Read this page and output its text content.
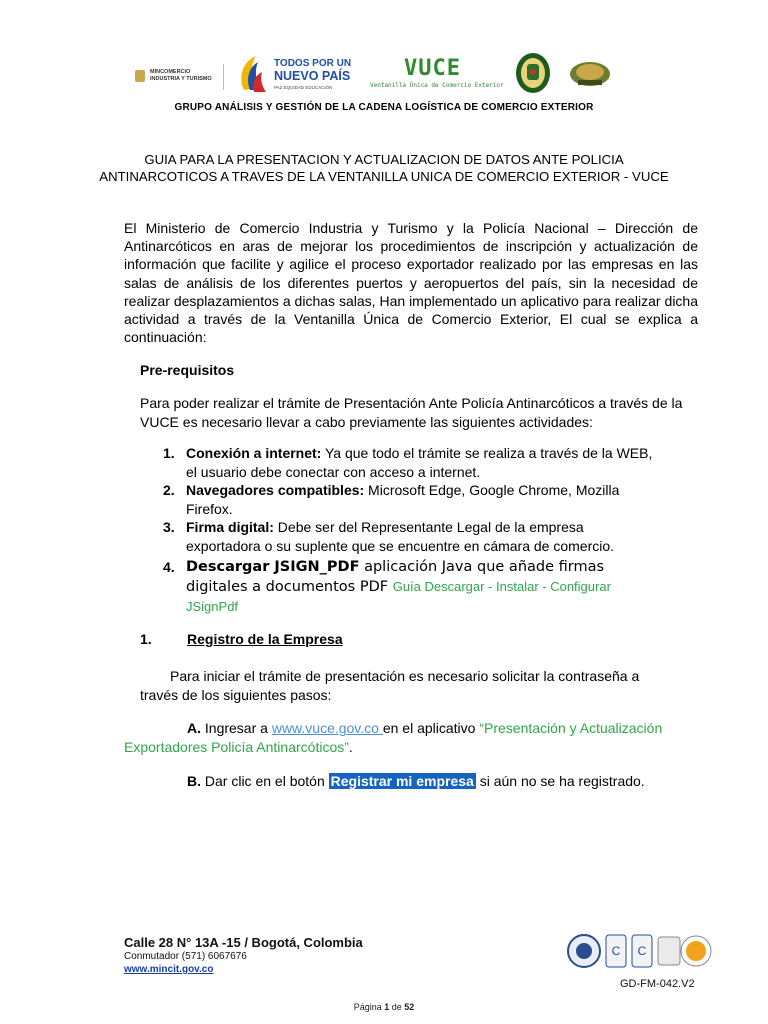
MINCOMERCIO
INDUSTRIA Y TURISMO
TODOS POR UN
NUEVO PAÍS
PAZ EQUIDAD EDUCACIÓN
VUCE
Ventanilla Única de Comercio Exterior
GRUPO ANÁLISIS Y GESTIÓN DE LA CADENA LOGÍSTICA DE COMERCIO EXTERIOR
GUIA PARA LA PRESENTACION Y ACTUALIZACION DE DATOS ANTE POLICIA
ANTINARCOTICOS A TRAVES DE LA VENTANILLA UNICA DE COMERCIO EXTERIOR - VUCE
El Ministerio de Comercio Industria y Turismo y la Policía Nacional – Dirección de Antinarcóticos en aras de mejorar los procedimientos de inscripción y actualización de información que facilite y agilice el proceso exportador realizado por las empresas en las salas de análisis de los diferentes puertos y aeropuertos del país, sin la necesidad de realizar desplazamientos a dichas salas, Han implementado un aplicativo para realizar dicha actividad a través de la Ventanilla Única de Comercio Exterior, El cual se explica a continuación:
Pre-requisitos
Para poder realizar el trámite de Presentación Ante Policía Antinarcóticos a través de la VUCE es necesario llevar a cabo previamente las siguientes actividades:
1. Conexión a internet: Ya que todo el trámite se realiza a través de la WEB, el usuario debe conectar con acceso a internet.
2. Navegadores compatibles: Microsoft Edge, Google Chrome, Mozilla Firefox.
3. Firma digital: Debe ser del Representante Legal de la empresa exportadora o su suplente que se encuentre en cámara de comercio.
4. Descargar JSIGN_PDF aplicación Java que añade firmas digitales a documentos PDF Guía Descargar - Instalar - Configurar JSignPdf
1.	Registro de la Empresa
Para iniciar el trámite de presentación es necesario solicitar la contraseña a través de los siguientes pasos:
A. Ingresar a www.vuce.gov.co en el aplicativo “Presentación y Actualización Exportadores Policía Antinarcóticos”.
B. Dar clic en el botón Registrar mi empresa si aún no se ha registrado.
Calle 28 N° 13A -15 / Bogotá, Colombia
Conmutador (571) 6067676
www.mincit.gov.co
C C
GD-FM-042.V2
Página 1 de 52
